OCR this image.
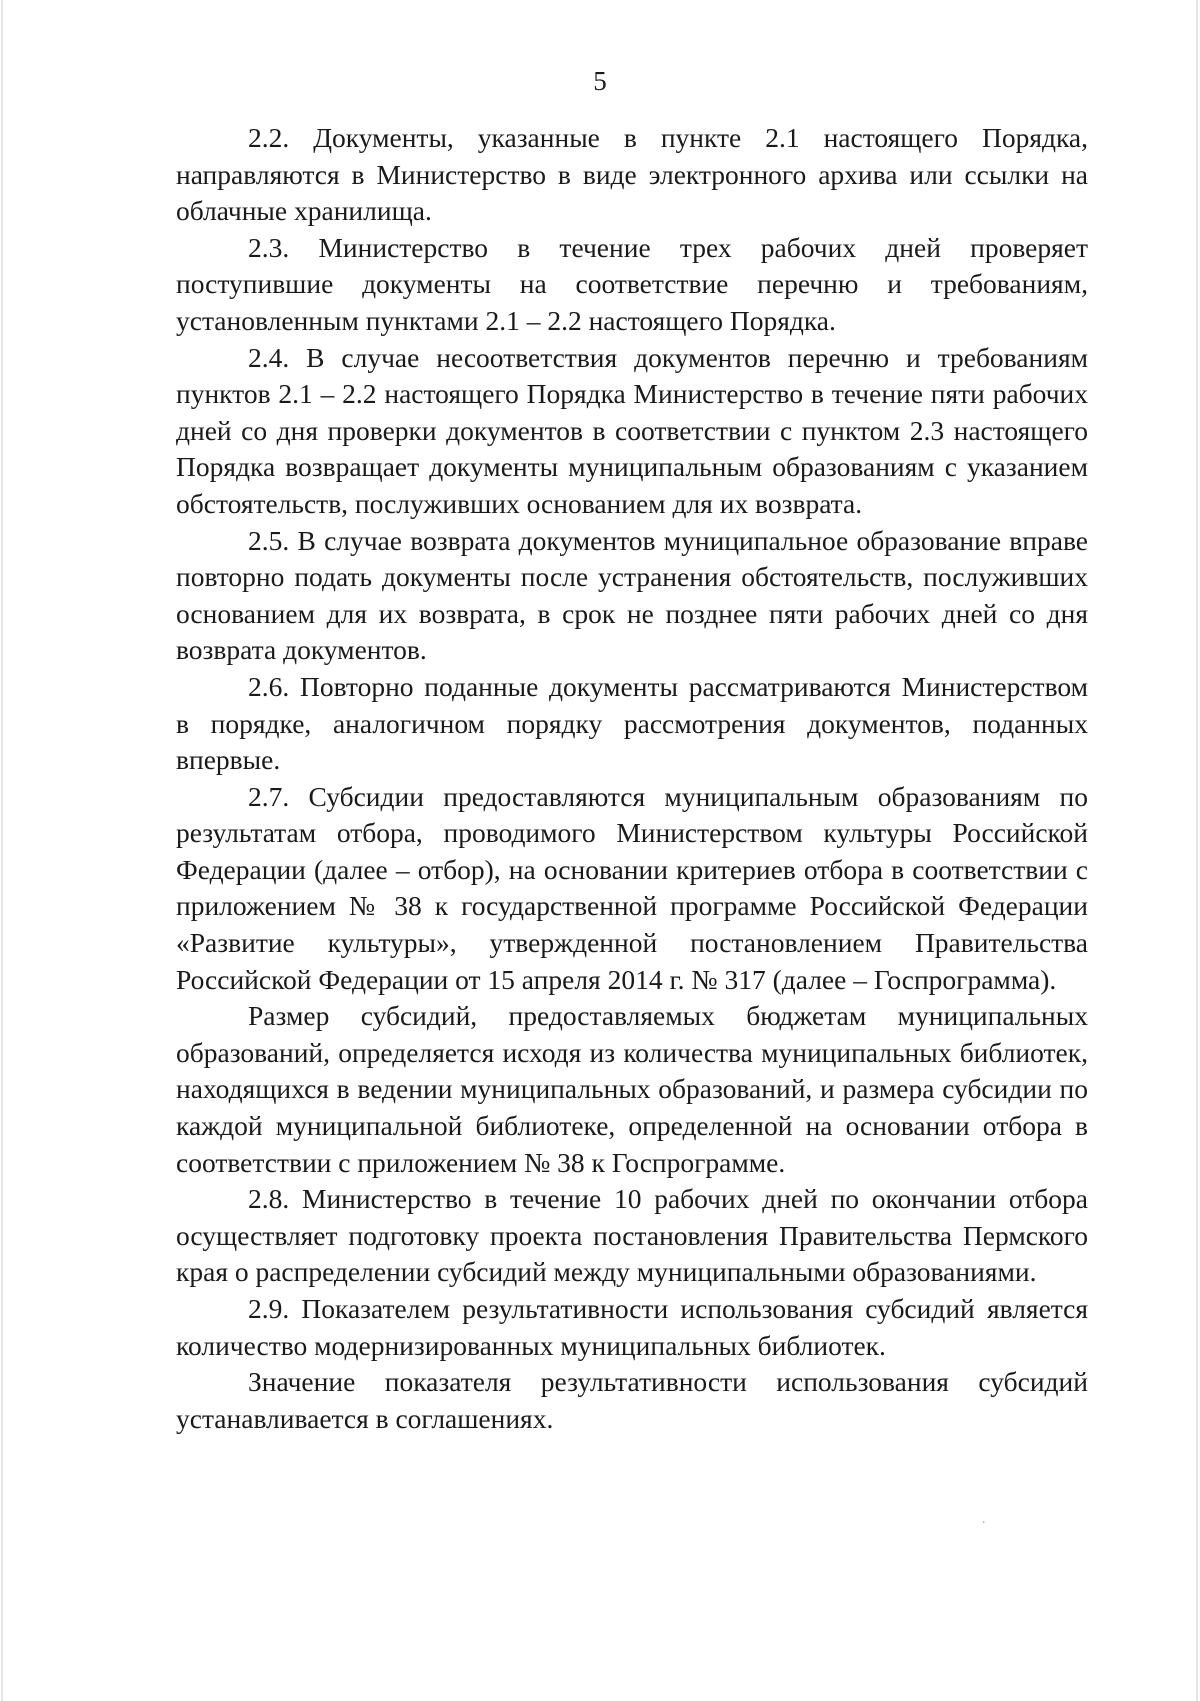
5

2.2. Документы, указанные в пункте 2.1 настоящего Порядка, направляются в Министерство в виде электронного архива или ссылки на облачные хранилища.

2.3. Министерство в течение трех рабочих дней проверяет поступившие документы на соответствие перечню и требованиям, установленным пунктами 2.1 – 2.2 настоящего Порядка.

2.4. В случае несоответствия документов перечню и требованиям пунктов 2.1 – 2.2 настоящего Порядка Министерство в течение пяти рабочих дней со дня проверки документов в соответствии с пунктом 2.3 настоящего Порядка возвращает документы муниципальным образованиям с указанием обстоятельств, послуживших основанием для их возврата.

2.5. В случае возврата документов муниципальное образование вправе повторно подать документы после устранения обстоятельств, послуживших основанием для их возврата, в срок не позднее пяти рабочих дней со дня возврата документов.

2.6. Повторно поданные документы рассматриваются Министерством в порядке, аналогичном порядку рассмотрения документов, поданных впервые.

2.7. Субсидии предоставляются муниципальным образованиям по результатам отбора, проводимого Министерством культуры Российской Федерации (далее – отбор), на основании критериев отбора в соответствии с приложением № 38 к государственной программе Российской Федерации «Развитие культуры», утвержденной постановлением Правительства Российской Федерации от 15 апреля 2014 г. № 317 (далее – Госпрограмма).

Размер субсидий, предоставляемых бюджетам муниципальных образований, определяется исходя из количества муниципальных библиотек, находящихся в ведении муниципальных образований, и размера субсидии по каждой муниципальной библиотеке, определенной на основании отбора в соответствии с приложением № 38 к Госпрограмме.

2.8. Министерство в течение 10 рабочих дней по окончании отбора осуществляет подготовку проекта постановления Правительства Пермского края о распределении субсидий между муниципальными образованиями.

2.9. Показателем результативности использования субсидий является количество модернизированных муниципальных библиотек.

Значение показателя результативности использования субсидий устанавливается в соглашениях.

ʼ
